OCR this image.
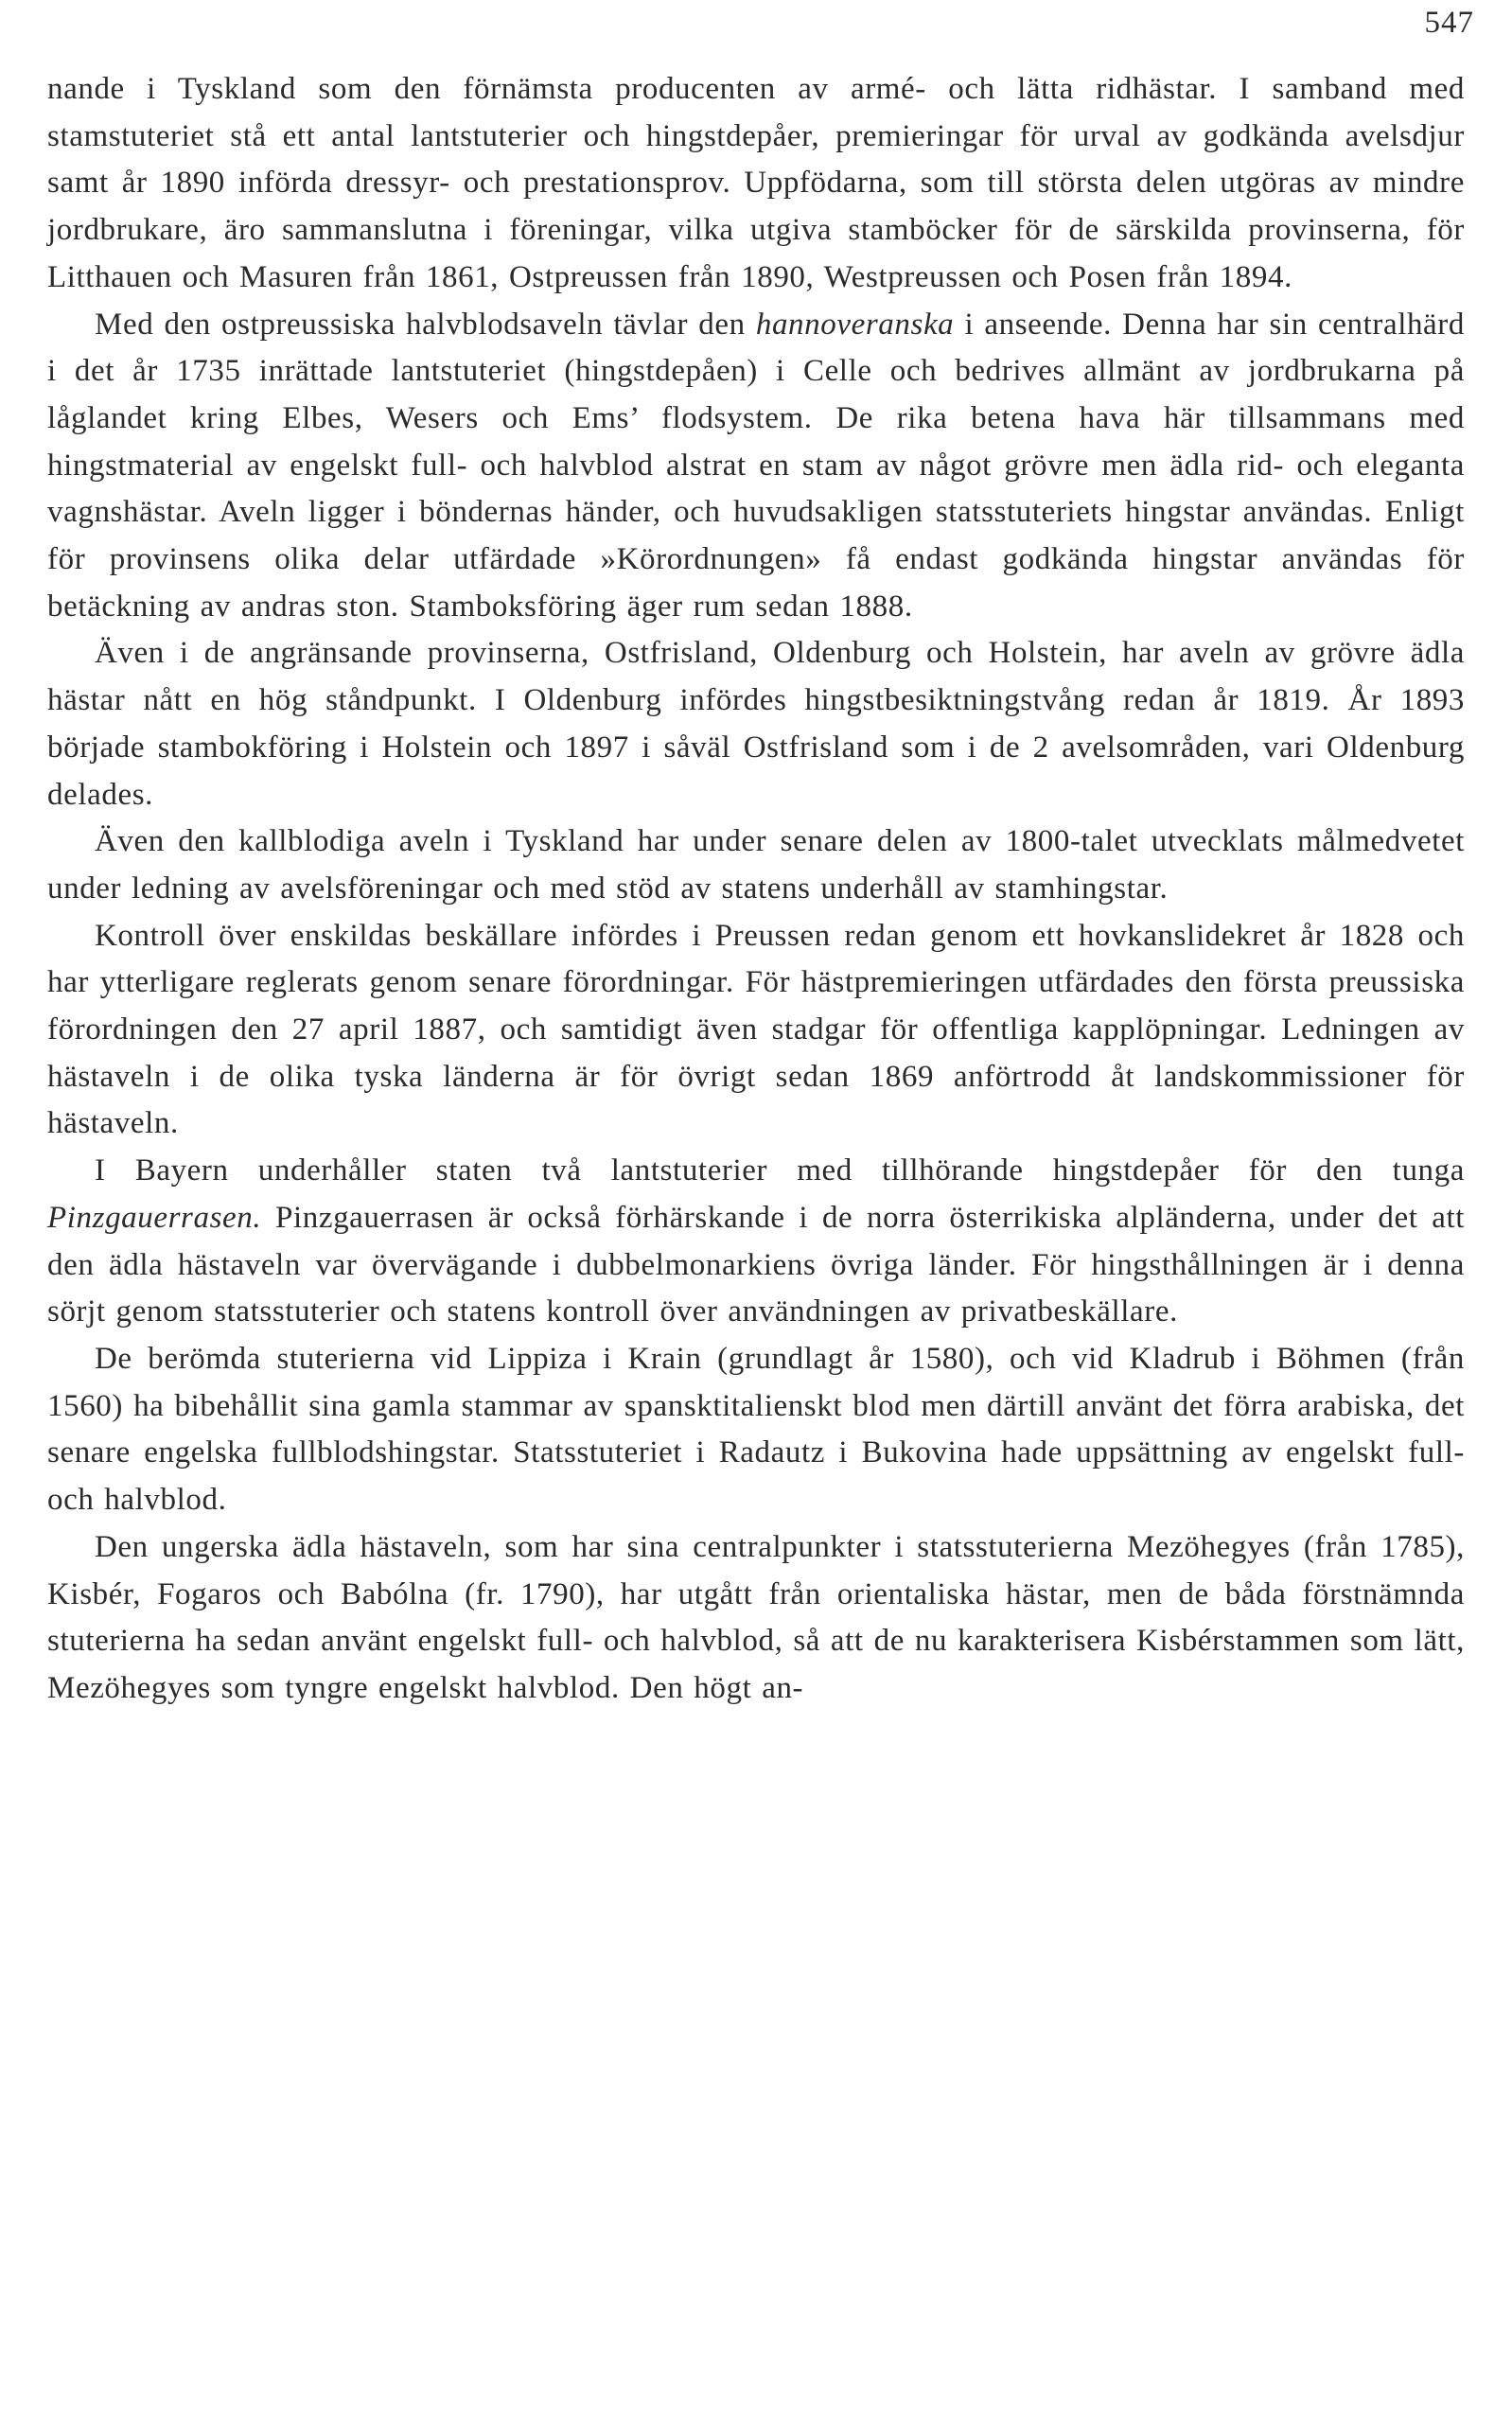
547

nande i Tyskland som den förnämsta producenten av armé- och lätta ridhästar. I samband med stamstuteriet stå ett antal lantstuterier och hingstdepåer, premieringar för urval av godkända avelsdjur samt år 1890 införda dressyr- och prestationsprov. Uppfödarna, som till största delen utgöras av mindre jordbrukare, äro sammanslutna i föreningar, vilka utgiva stamböcker för de särskilda provinserna, för Litthauen och Masuren från 1861, Ostpreussen från 1890, Westpreussen och Posen från 1894.

Med den ostpreussiska halvblodsaveln tävlar den hannoveranska i anseende. Denna har sin centralhärd i det år 1735 inrättade lantstuteriet (hingstdepåen) i Celle och bedrives allmänt av jordbrukarna på låglandet kring Elbes, Wesers och Ems’ flodsystem. De rika betena hava här tillsammans med hingstmaterial av engelskt full- och halvblod alstrat en stam av något grövre men ädla rid- och eleganta vagnshästar. Aveln ligger i böndernas händer, och huvudsakligen statsstuteriets hingstar användas. Enligt för provinsens olika delar utfärdade »Körordnungen» få endast godkända hingstar användas för betäckning av andras ston. Stamboksföring äger rum sedan 1888.

Även i de angränsande provinserna, Ostfrisland, Oldenburg och Holstein, har aveln av grövre ädla hästar nått en hög ståndpunkt. I Oldenburg infördes hingstbesiktningstvång redan år 1819. År 1893 började stambokföring i Holstein och 1897 i såväl Ostfrisland som i de 2 avelsområden, vari Oldenburg delades.

Även den kallblodiga aveln i Tyskland har under senare delen av 1800-talet utvecklats målmedvetet under ledning av avelsföreningar och med stöd av statens underhåll av stamhingstar.

Kontroll över enskildas beskällare infördes i Preussen redan genom ett hovkanslidekret år 1828 och har ytterligare reglerats genom senare förordningar. För hästpremieringen utfärdades den första preussiska förordningen den 27 april 1887, och samtidigt även stadgar för offentliga kapplöpningar. Ledningen av hästaveln i de olika tyska länderna är för övrigt sedan 1869 anförtrodd åt landskommissioner för hästaveln.

I Bayern underhåller staten två lantstuterier med tillhörande hingstdepåer för den tunga Pinzgauerrasen. Pinzgauerrasen är också förhärskande i de norra österrikiska alpländerna, under det att den ädla hästaveln var övervägande i dubbelmonarkiens övriga länder. För hingsthållningen är i denna sörjt genom statsstuterier och statens kontroll över användningen av privatbeskällare.

De berömda stuterierna vid Lippiza i Krain (grundlagt år 1580), och vid Kladrub i Böhmen (från 1560) ha bibehållit sina gamla stammar av spansktitalienskt blod men därtill använt det förra arabiska, det senare engelska fullblodshingstar. Statsstuteriet i Radautz i Bukovina hade uppsättning av engelskt full- och halvblod.

Den ungerska ädla hästaveln, som har sina centralpunkter i statsstuterierna Mezöhegyes (från 1785), Kisbér, Fogaros och Babólna (fr. 1790), har utgått från orientaliska hästar, men de båda förstnämnda stuterierna ha sedan använt engelskt full- och halvblod, så att de nu karakterisera Kisbérstammen som lätt, Mezöhegyes som tyngre engelskt halvblod. Den högt an-
